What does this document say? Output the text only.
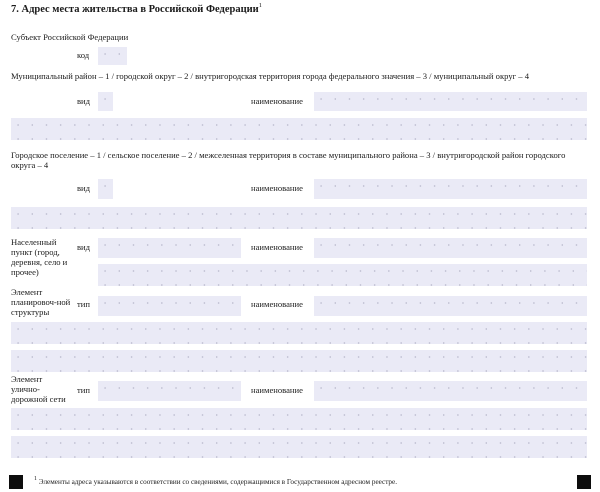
7. Адрес места жительства в Российской Федерации$^1$
Субъект Российской Федерации
код
Муниципальный район – 1 / городской округ – 2 / внутригородская территория города федерального значения – 3 / муниципальный округ – 4
вид	наименование
Городское поселение – 1 / сельское поселение – 2 / межселенная территория в составе муниципального района – 3 / внутригородской район городского округа – 4
вид	наименование
Населенный пункт (город, деревня, село и прочее)
вид	наименование
Элемент планировоч-ной структуры
тип	наименование
Элемент улично-дорожной сети
тип	наименование
$^1$ Элементы адреса указываются в соответствии со сведениями, содержащимися в Государственном адресном реестре.
